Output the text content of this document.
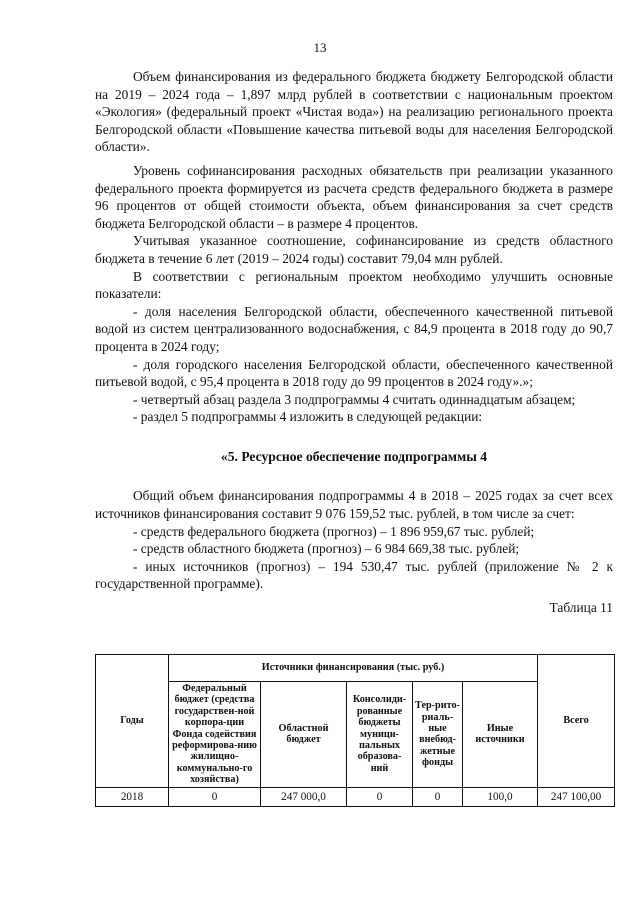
13

Объем финансирования из федерального бюджета бюджету Белгородской области на 2019 – 2024 года – 1,897 млрд рублей в соответствии с национальным проектом «Экология» (федеральный проект «Чистая вода») на реализацию регионального проекта Белгородской области «Повышение качества питьевой воды для населения Белгородской области».

Уровень софинансирования расходных обязательств при реализации указанного федерального проекта формируется из расчета средств федерального бюджета в размере 96 процентов от общей стоимости объекта, объем финансирования за счет средств бюджета Белгородской области – в размере 4 процентов.

Учитывая указанное соотношение, софинансирование из средств областного бюджета в течение 6 лет (2019 – 2024 годы) составит 79,04 млн рублей.

В соответствии с региональным проектом необходимо улучшить основные показатели:

- доля населения Белгородской области, обеспеченного качественной питьевой водой из систем централизованного водоснабжения, с 84,9 процента в 2018 году до 90,7 процента в 2024 году;

- доля городского населения Белгородской области, обеспеченного качественной питьевой водой, с 95,4 процента в 2018 году до 99 процентов в 2024 году».»;

- четвертый абзац раздела 3 подпрограммы 4 считать одиннадцатым абзацем;

- раздел 5 подпрограммы 4 изложить в следующей редакции:

«5. Ресурсное обеспечение подпрограммы 4

Общий объем финансирования подпрограммы 4 в 2018 – 2025 годах за счет всех источников финансирования составит 9 076 159,52 тыс. рублей, в том числе за счет:

- средств федерального бюджета (прогноз) – 1 896 959,67 тыс. рублей;

- средств областного бюджета (прогноз) – 6 984 669,38 тыс. рублей;

- иных источников (прогноз) – 194 530,47 тыс. рублей (приложение № 2 к государственной программе).

Таблица 11
Годы	Источники финансирования (тыс. руб.)					Всего
	Федеральный бюджет (средства государствен-ной корпора-ции Фонда содействия реформирова-нию жилищно-коммунально-го хозяйства)	Областной бюджет	Консолиди-рованные бюджеты муници-пальных образова-ний	Тер-рито-риаль-ные внебюд-жетные фонды	Иные источники	
2018	0	247 000,0	0	0	100,0	247 100,00
